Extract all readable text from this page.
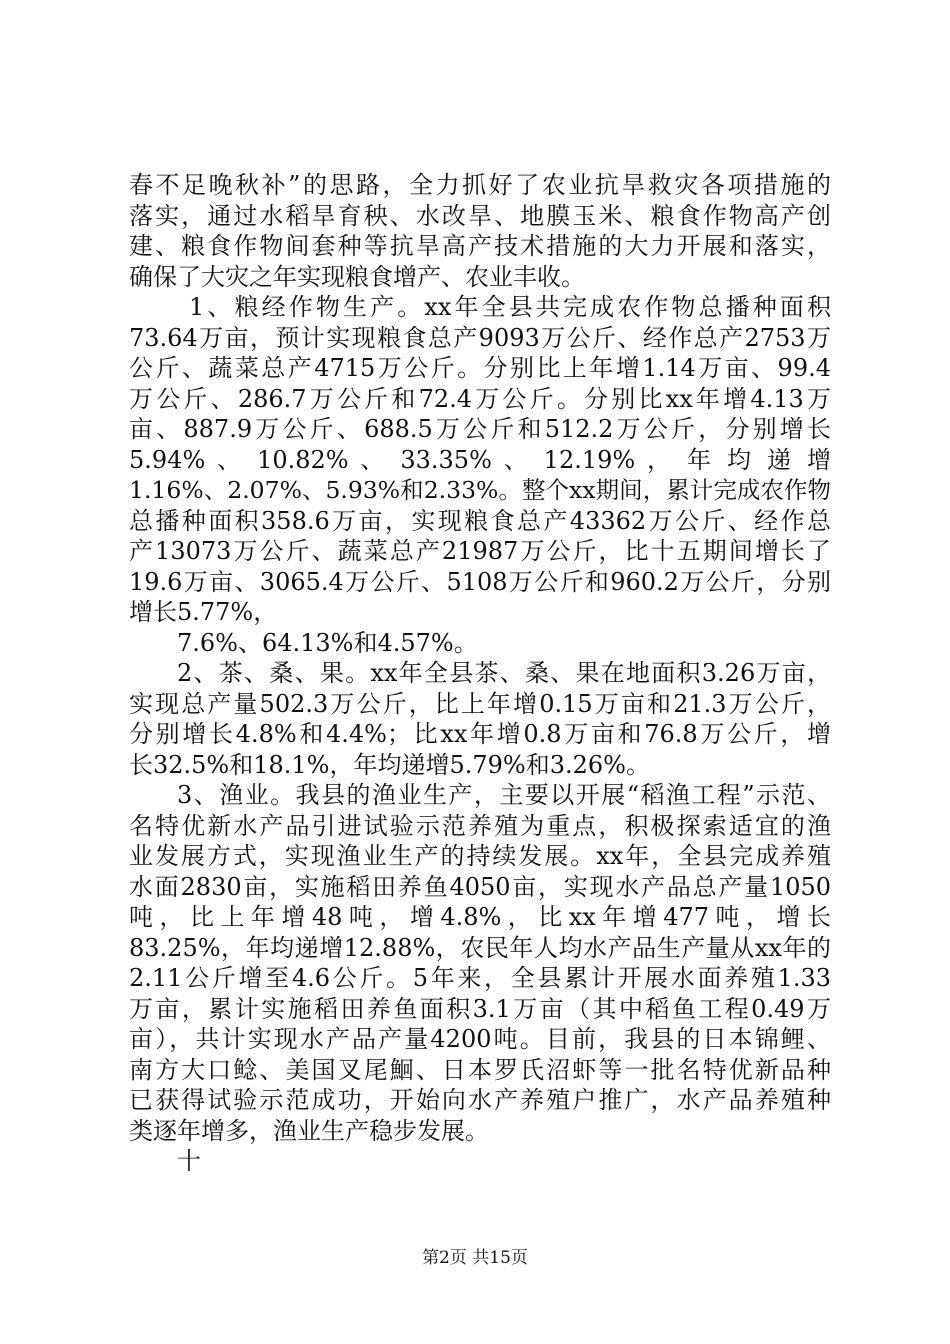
春不足晚秋补”的思路，全力抓好了农业抗旱救灾各项措施的
落实，通过水稻旱育秧、水改旱、地膜玉米、粮食作物高产创
建、粮食作物间套种等抗旱高产技术措施的大力开展和落实，
确保了大灾之年实现粮食增产、农业丰收。
1、粮经作物生产。xx年全县共完成农作物总播种面积
73.64万亩，预计实现粮食总产9093万公斤、经作总产2753万
公斤、蔬菜总产4715万公斤。分别比上年增1.14万亩、99.4
万公斤、286.7万公斤和72.4万公斤。分别比xx年增4.13万
亩、887.9万公斤、688.5万公斤和512.2万公斤，分别增长
5.94% 、 10.82% 、 33.35% 、 12.19% ， 年 均 递 增
1.16%、2.07%、5.93%和2.33%。整个xx期间，累计完成农作物
总播种面积358.6万亩，实现粮食总产43362万公斤、经作总
产13073万公斤、蔬菜总产21987万公斤，比十五期间增长了
19.6万亩、3065.4万公斤、5108万公斤和960.2万公斤，分别
增长5.77%，
7.6%、64.13%和4.57%。
2、茶、桑、果。xx年全县茶、桑、果在地面积3.26万亩，
实现总产量502.3万公斤，比上年增0.15万亩和21.3万公斤，
分别增长4.8%和4.4%；比xx年增0.8万亩和76.8万公斤，增
长32.5%和18.1%，年均递增5.79%和3.26%。
3、渔业。我县的渔业生产，主要以开展“稻渔工程”示范、
名特优新水产品引进试验示范养殖为重点，积极探索适宜的渔
业发展方式，实现渔业生产的持续发展。xx年，全县完成养殖
水面2830亩，实施稻田养鱼4050亩，实现水产品总产量1050
吨，比上年增48吨，增4.8%，比xx年增477吨，增长
83.25%，年均递增12.88%，农民年人均水产品生产量从xx年的
2.11公斤增至4.6公斤。5年来，全县累计开展水面养殖1.33
万亩，累计实施稻田养鱼面积3.1万亩（其中稻鱼工程0.49万
亩），共计实现水产品产量4200吨。目前，我县的日本锦鲤、
南方大口鲶、美国叉尾鮰、日本罗氏沼虾等一批名特优新品种
已获得试验示范成功，开始向水产养殖户推广，水产品养殖种
类逐年增多，渔业生产稳步发展。
十
第2页 共15页
